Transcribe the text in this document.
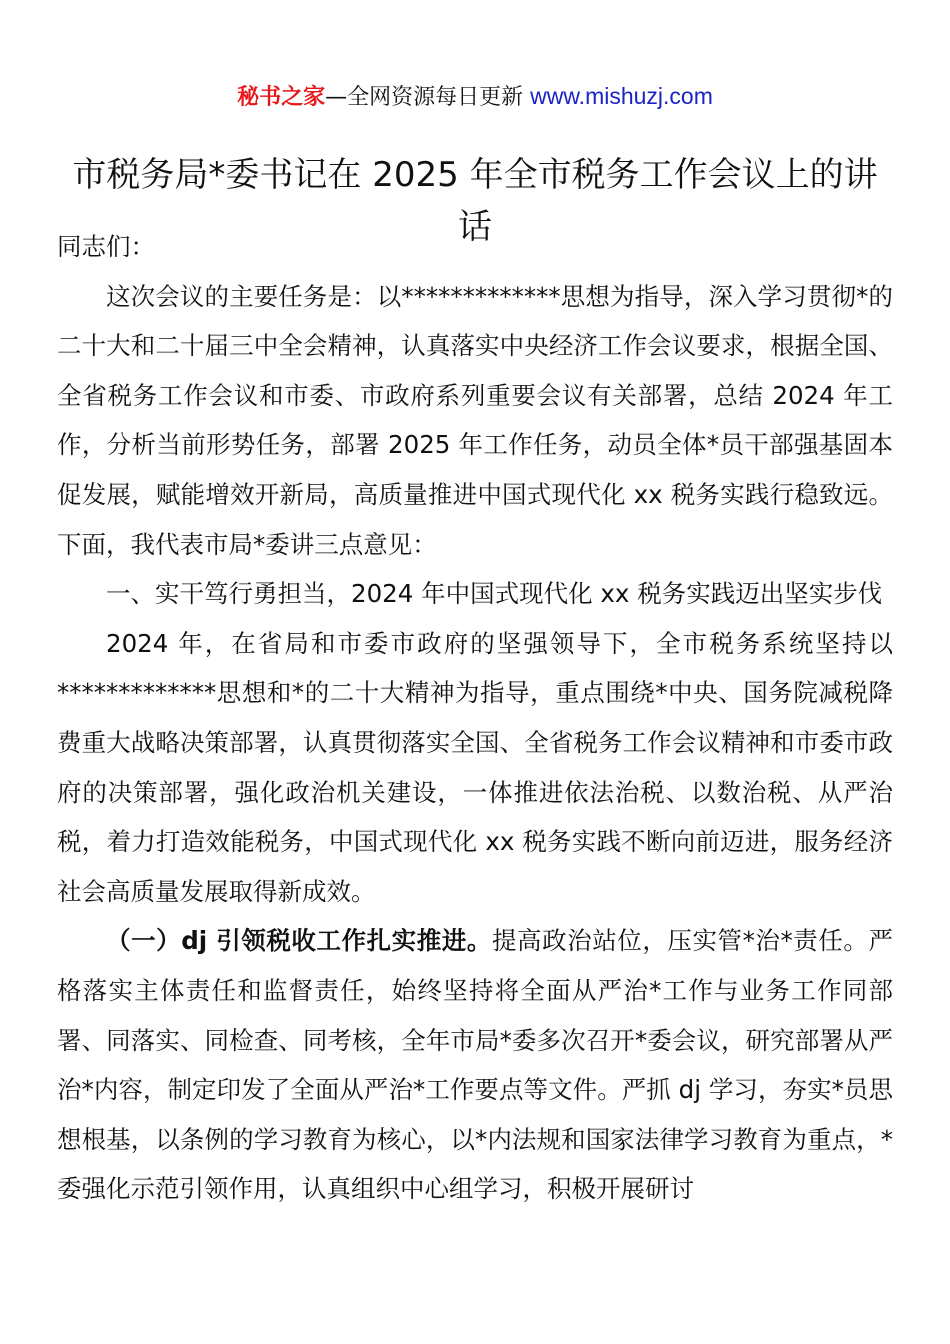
秘书之家—全网资源每日更新 www.mishuzj.com
市税务局*委书记在 2025 年全市税务工作会议上的讲话

同志们：

这次会议的主要任务是：以*************思想为指导，深入学习贯彻*的二十大和二十届三中全会精神，认真落实中央经济工作会议要求，根据全国、全省税务工作会议和市委、市政府系列重要会议有关部署，总结 2024 年工作，分析当前形势任务，部署 2025 年工作任务，动员全体*员干部强基固本促发展，赋能增效开新局，高质量推进中国式现代化 xx 税务实践行稳致远。下面，我代表市局*委讲三点意见：

一、实干笃行勇担当，2024 年中国式现代化 xx 税务实践迈出坚实步伐

2024 年，在省局和市委市政府的坚强领导下，全市税务系统坚持以*************思想和*的二十大精神为指导，重点围绕*中央、国务院减税降费重大战略决策部署，认真贯彻落实全国、全省税务工作会议精神和市委市政府的决策部署，强化政治机关建设，一体推进依法治税、以数治税、从严治税，着力打造效能税务，中国式现代化 xx 税务实践不断向前迈进，服务经济社会高质量发展取得新成效。

（一）dj 引领税收工作扎实推进。提高政治站位，压实管*治*责任。严格落实主体责任和监督责任，始终坚持将全面从严治*工作与业务工作同部署、同落实、同检查、同考核，全年市局*委多次召开*委会议，研究部署从严治*内容，制定印发了全面从严治*工作要点等文件。严抓 dj 学习，夯实*员思想根基，以条例的学习教育为核心，以*内法规和国家法律学习教育为重点，*委强化示范引领作用，认真组织中心组学习，积极开展研讨
